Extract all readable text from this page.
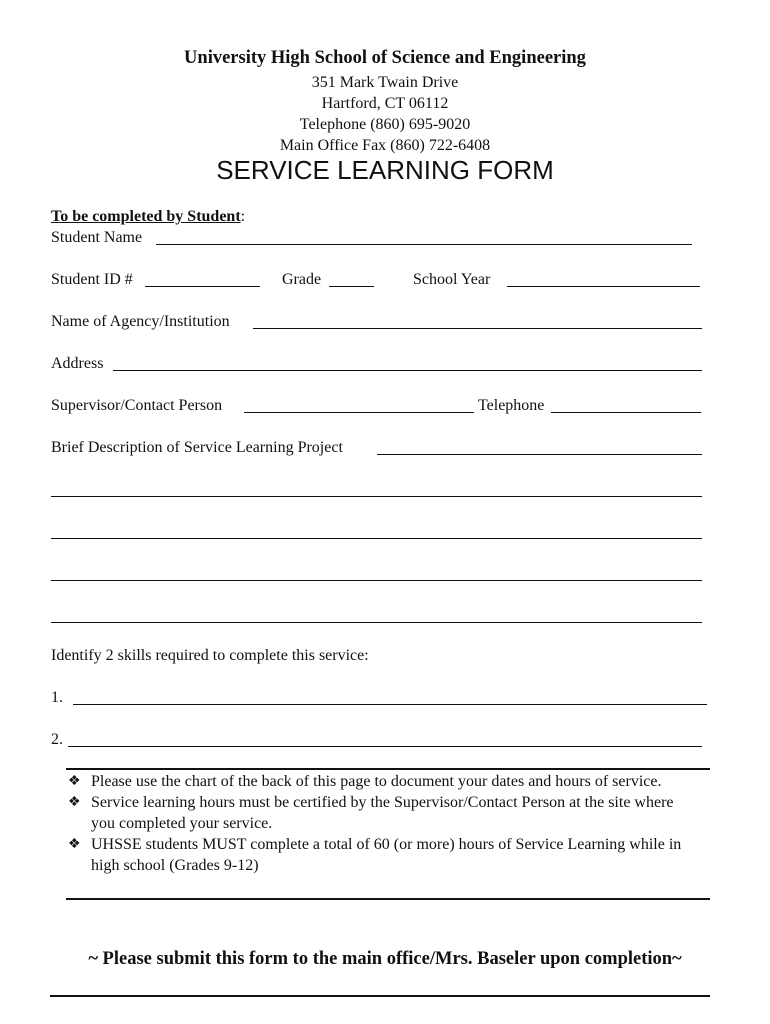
University High School of Science and Engineering
351 Mark Twain Drive
Hartford, CT 06112
Telephone (860) 695-9020
Main Office Fax (860) 722-6408
SERVICE LEARNING FORM
To be completed by Student:
Student Name
Student ID #	Grade	School Year
Name of Agency/Institution
Address
Supervisor/Contact Person	Telephone
Brief Description of Service Learning Project
Identify 2 skills required to complete this service:
1.
2.
❖ Please use the chart of the back of this page to document your dates and hours of service.
❖ Service learning hours must be certified by the Supervisor/Contact Person at the site where you completed your service.
❖ UHSSE students MUST complete a total of 60 (or more) hours of Service Learning while in high school (Grades 9-12)
~ Please submit this form to the main office/Mrs. Baseler upon completion~
